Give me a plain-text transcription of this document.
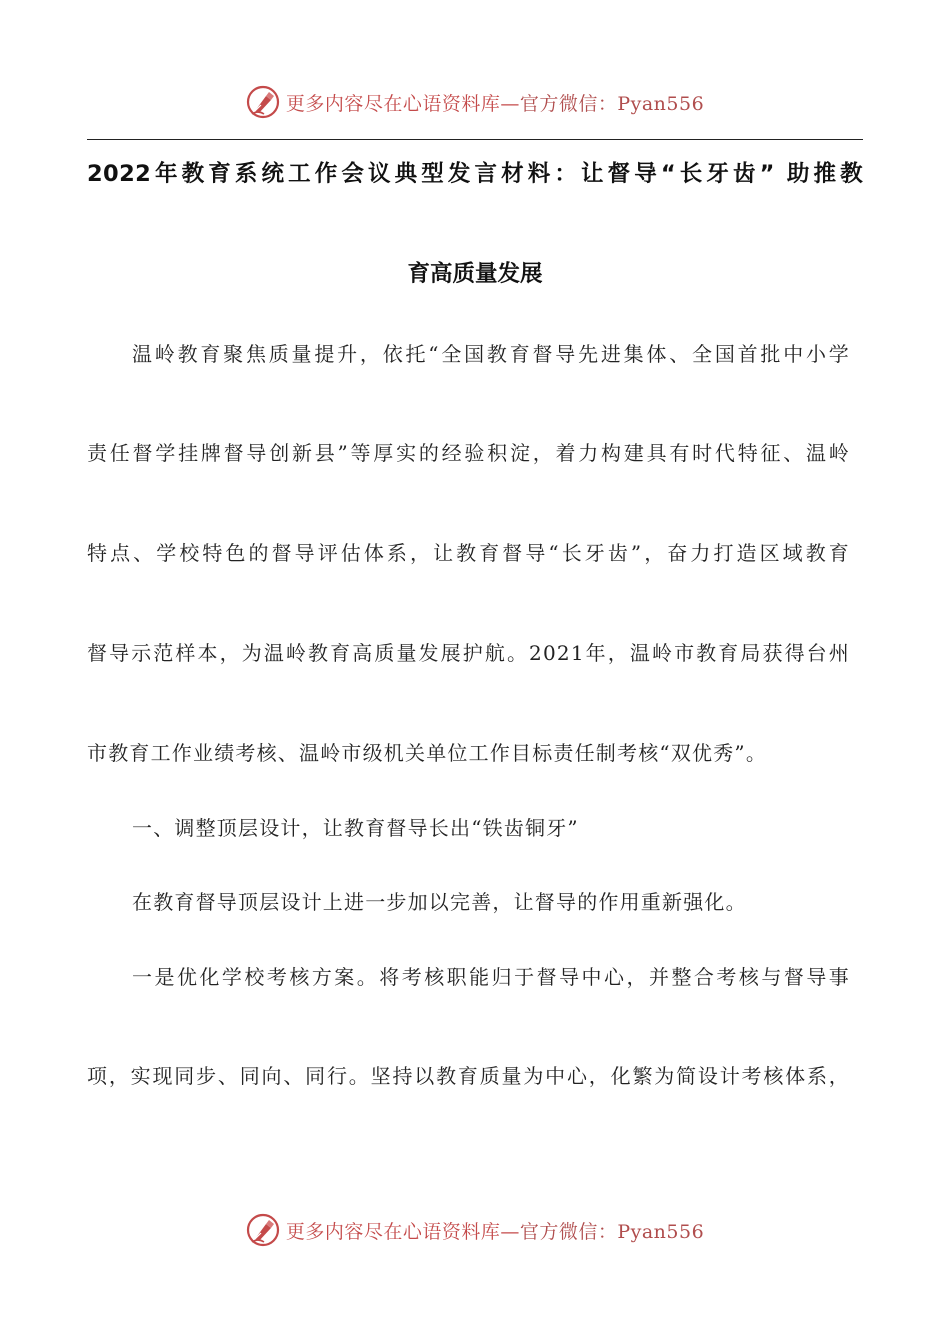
更多内容尽在心语资料库—官方微信：Pyan556
2022年教育系统工作会议典型发言材料：让督导“长牙齿” 助推教
育高质量发展
温岭教育聚焦质量提升，依托“全国教育督导先进集体、全国首批中小学
责任督学挂牌督导创新县”等厚实的经验积淀，着力构建具有时代特征、温岭
特点、学校特色的督导评估体系，让教育督导“长牙齿”，奋力打造区域教育
督导示范样本，为温岭教育高质量发展护航。2021年，温岭市教育局获得台州
市教育工作业绩考核、温岭市级机关单位工作目标责任制考核“双优秀”。
一、调整顶层设计，让教育督导长出“铁齿铜牙”
在教育督导顶层设计上进一步加以完善，让督导的作用重新强化。
一是优化学校考核方案。将考核职能归于督导中心，并整合考核与督导事
项，实现同步、同向、同行。坚持以教育质量为中心，化繁为简设计考核体系，
更多内容尽在心语资料库—官方微信：Pyan556
